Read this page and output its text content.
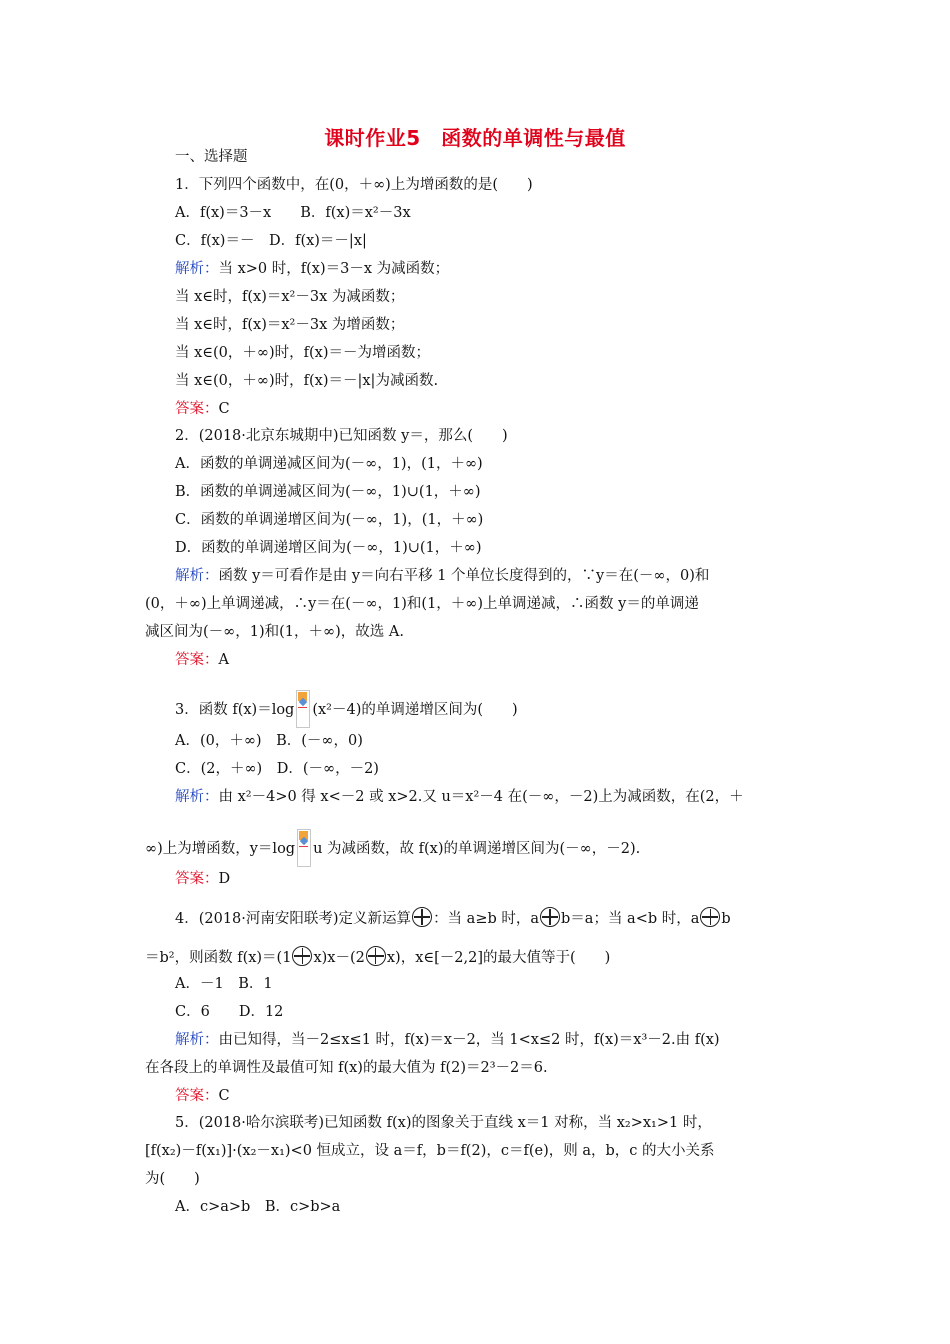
课时作业5　函数的单调性与最值
一、选择题
1．下列四个函数中，在(0，＋∞)上为增函数的是(　　)
A．f(x)＝3－x　　B．f(x)＝x²－3x
C．f(x)＝－　D．f(x)＝－|x|
解析：当 x>0 时，f(x)＝3－x 为减函数；
当 x∈时，f(x)＝x²－3x 为减函数；
当 x∈时，f(x)＝x²－3x 为增函数；
当 x∈(0，＋∞)时，f(x)＝－为增函数；
当 x∈(0，＋∞)时，f(x)＝－|x|为减函数.
答案：C
2．(2018·北京东城期中)已知函数 y＝，那么(　　)
A．函数的单调递减区间为(－∞，1)，(1，＋∞)
B．函数的单调递减区间为(－∞，1)∪(1，＋∞)
C．函数的单调递增区间为(－∞，1)，(1，＋∞)
D．函数的单调递增区间为(－∞，1)∪(1，＋∞)
解析：函数 y＝可看作是由 y＝向右平移 1 个单位长度得到的，∵y＝在(－∞，0)和
(0，＋∞)上单调递减，∴y＝在(－∞，1)和(1，＋∞)上单调递减，∴函数 y＝的单调递
减区间为(－∞，1)和(1，＋∞)，故选 A.
答案：A
3．函数 f(x)＝log (x²－4)的单调递增区间为(　　)
A．(0，＋∞)　B．(－∞，0)
C．(2，＋∞)　D．(－∞，－2)
解析：由 x²－4>0 得 x<－2 或 x>2.又 u＝x²－4 在(－∞，－2)上为减函数，在(2，＋
∞)上为增函数，y＝log u 为减函数，故 f(x)的单调递增区间为(－∞，－2).
答案：D
4．(2018·河南安阳联考)定义新运算 ：当 a≥b 时，a b＝a；当 a<b 时，a b
＝b²，则函数 f(x)＝(1 x)x－(2 x)，x∈[－2,2]的最大值等于(　　)
A．－1　B．1
C．6　　D．12
解析：由已知得，当－2≤x≤1 时，f(x)＝x－2，当 1<x≤2 时，f(x)＝x³－2.由 f(x)
在各段上的单调性及最值可知 f(x)的最大值为 f(2)＝2³－2＝6.
答案：C
5．(2018·哈尔滨联考)已知函数 f(x)的图象关于直线 x＝1 对称，当 x₂>x₁>1 时，
[f(x₂)－f(x₁)]·(x₂－x₁)<0 恒成立，设 a＝f，b＝f(2)，c＝f(e)，则 a，b，c 的大小关系
为(　　)
A．c>a>b　B．c>b>a
